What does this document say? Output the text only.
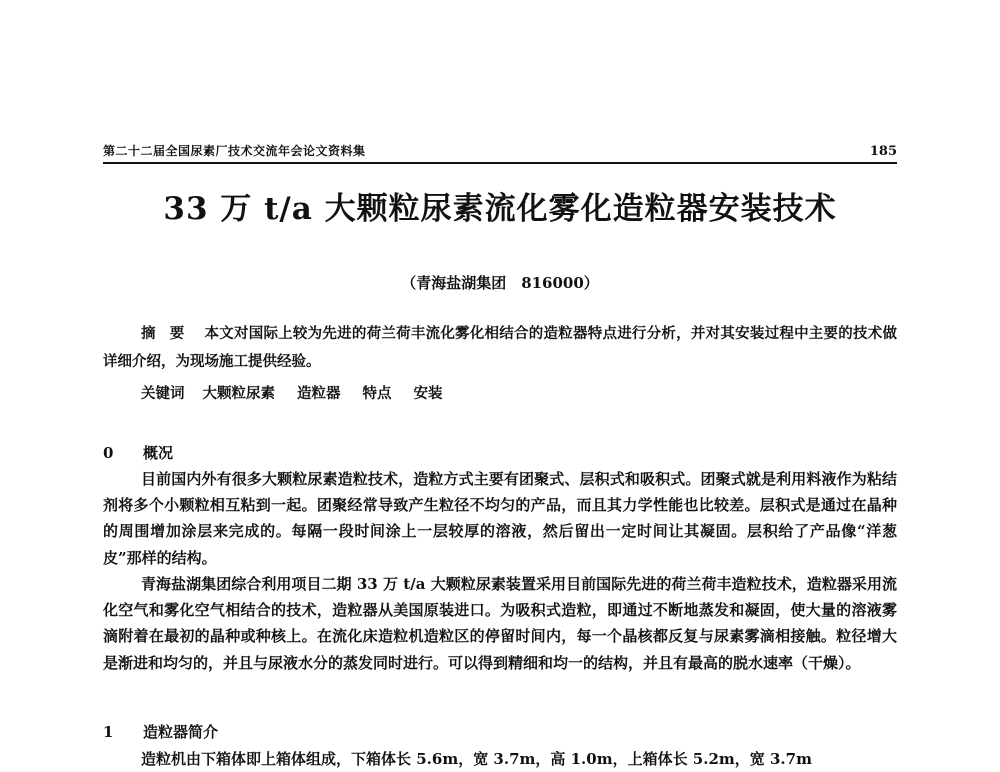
第二十二届全国尿素厂技术交流年会论文资料集	185
33 万 t/a 大颗粒尿素流化雾化造粒器安装技术
（青海盐湖集团　816000）

摘要 本文对国际上较为先进的荷兰荷丰流化雾化相结合的造粒器特点进行分析，并对其安装过程中主要的技术做详细介绍，为现场施工提供经验。

关键词 大颗粒尿素 造粒器 特点 安装
0 概况

目前国内外有很多大颗粒尿素造粒技术，造粒方式主要有团聚式、层积式和吸积式。团聚式就是利用料液作为粘结剂将多个小颗粒相互粘到一起。团聚经常导致产生粒径不均匀的产品，而且其力学性能也比较差。层积式是通过在晶种的周围增加涂层来完成的。每隔一段时间涂上一层较厚的溶液，然后留出一定时间让其凝固。层积给了产品像“洋葱皮”那样的结构。

青海盐湖集团综合利用项目二期 33 万 t/a 大颗粒尿素装置采用目前国际先进的荷兰荷丰造粒技术，造粒器采用流化空气和雾化空气相结合的技术，造粒器从美国原装进口。为吸积式造粒，即通过不断地蒸发和凝固，使大量的溶液雾滴附着在最初的晶种或种核上。在流化床造粒机造粒区的停留时间内，每一个晶核都反复与尿素雾滴相接触。粒径增大是渐进和均匀的，并且与尿液水分的蒸发同时进行。可以得到精细和均一的结构，并且有最高的脱水速率（干燥）。

1 造粒器简介
造粒机由下箱体即上箱体组成，下箱体长 5.6m，宽 3.7m，高 1.0m，上箱体长 5.2m，宽 3.7m
